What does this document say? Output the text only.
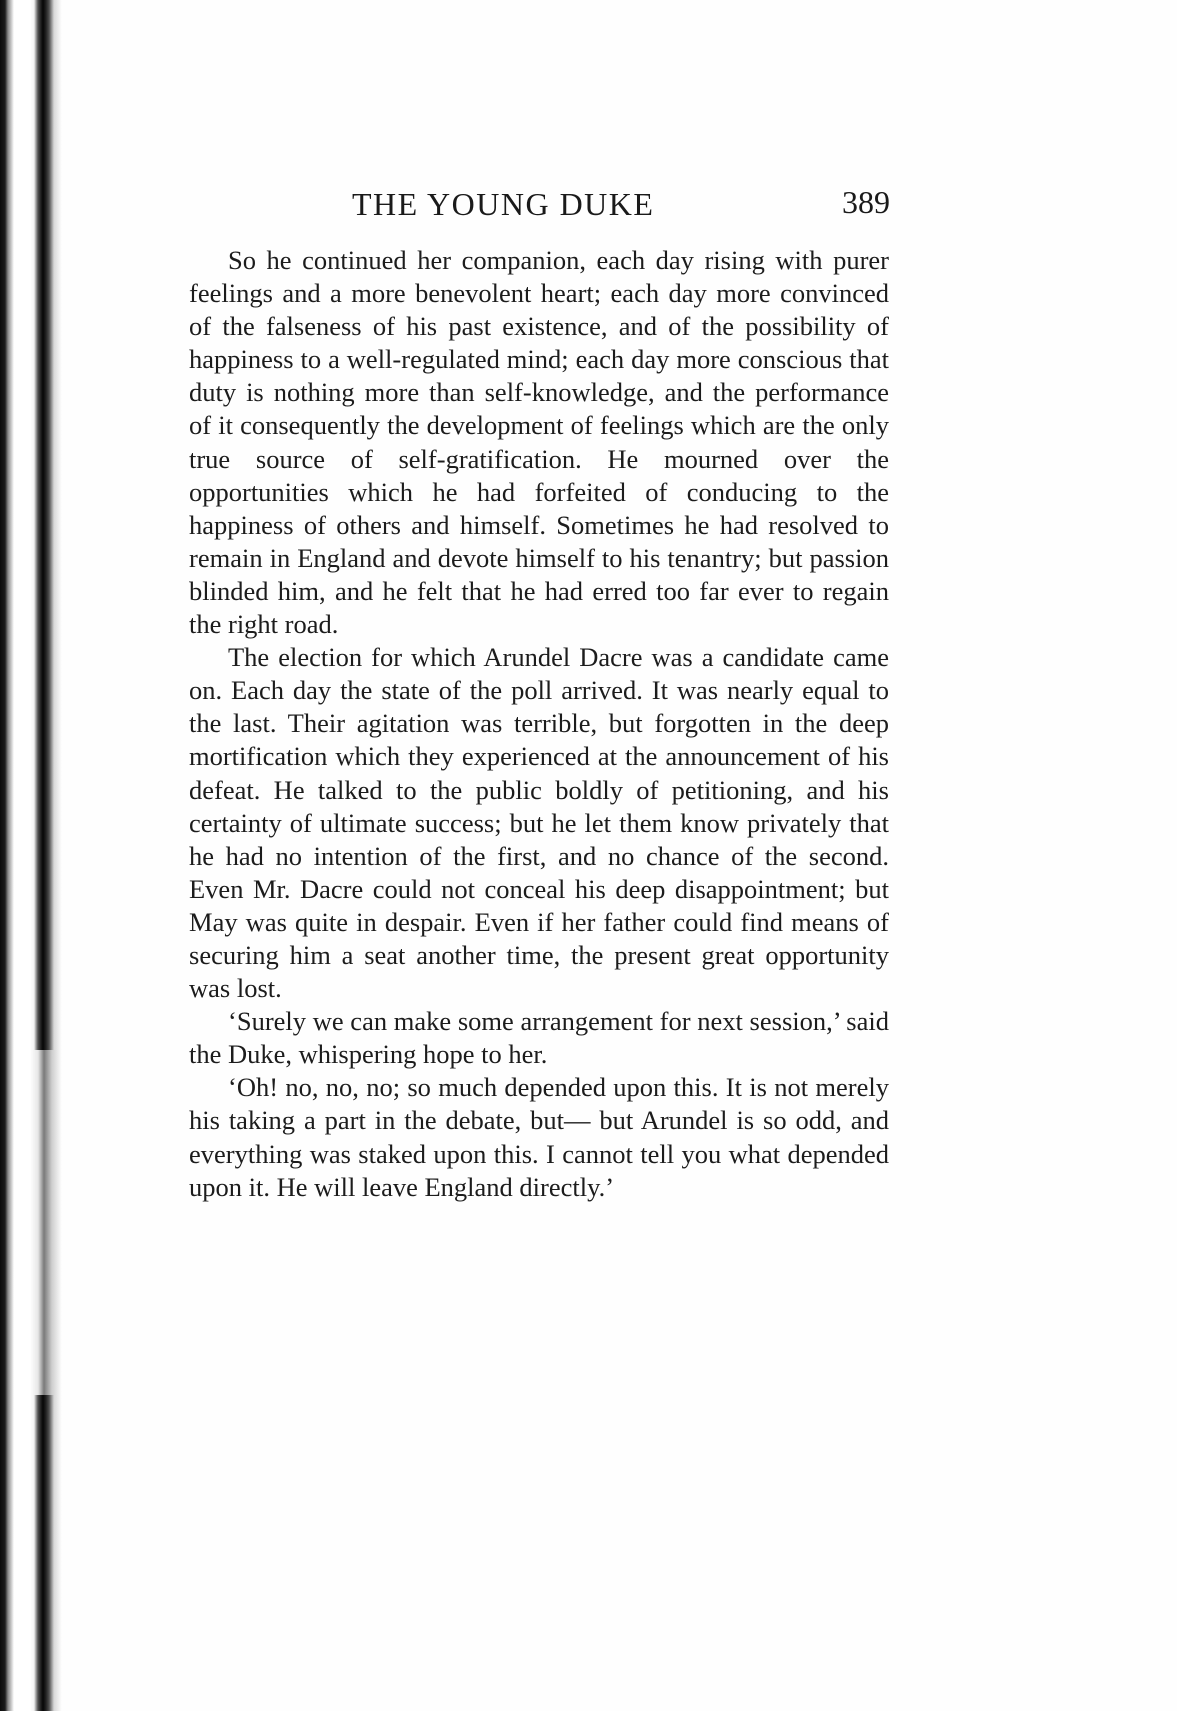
THE YOUNG DUKE	389

So he continued her companion, each day rising with purer feelings and a more benevolent heart; each day more convinced of the falseness of his past existence, and of the possibility of happiness to a well-regulated mind; each day more conscious that duty is nothing more than self-knowledge, and the performance of it consequently the development of feelings which are the only true source of self-gratification. He mourned over the opportunities which he had forfeited of conducing to the happiness of others and himself. Sometimes he had resolved to remain in England and devote himself to his tenantry; but passion blinded him, and he felt that he had erred too far ever to regain the right road.

The election for which Arundel Dacre was a candidate came on. Each day the state of the poll arrived. It was nearly equal to the last. Their agitation was terrible, but forgotten in the deep mortification which they experienced at the announcement of his defeat. He talked to the public boldly of petitioning, and his certainty of ultimate success; but he let them know privately that he had no intention of the first, and no chance of the second. Even Mr. Dacre could not conceal his deep disappointment; but May was quite in despair. Even if her father could find means of securing him a seat another time, the present great opportunity was lost.

‘Surely we can make some arrangement for next session,’ said the Duke, whispering hope to her.

‘Oh! no, no, no; so much depended upon this. It is not merely his taking a part in the debate, but— but Arundel is so odd, and everything was staked upon this. I cannot tell you what depended upon it. He will leave England directly.’
